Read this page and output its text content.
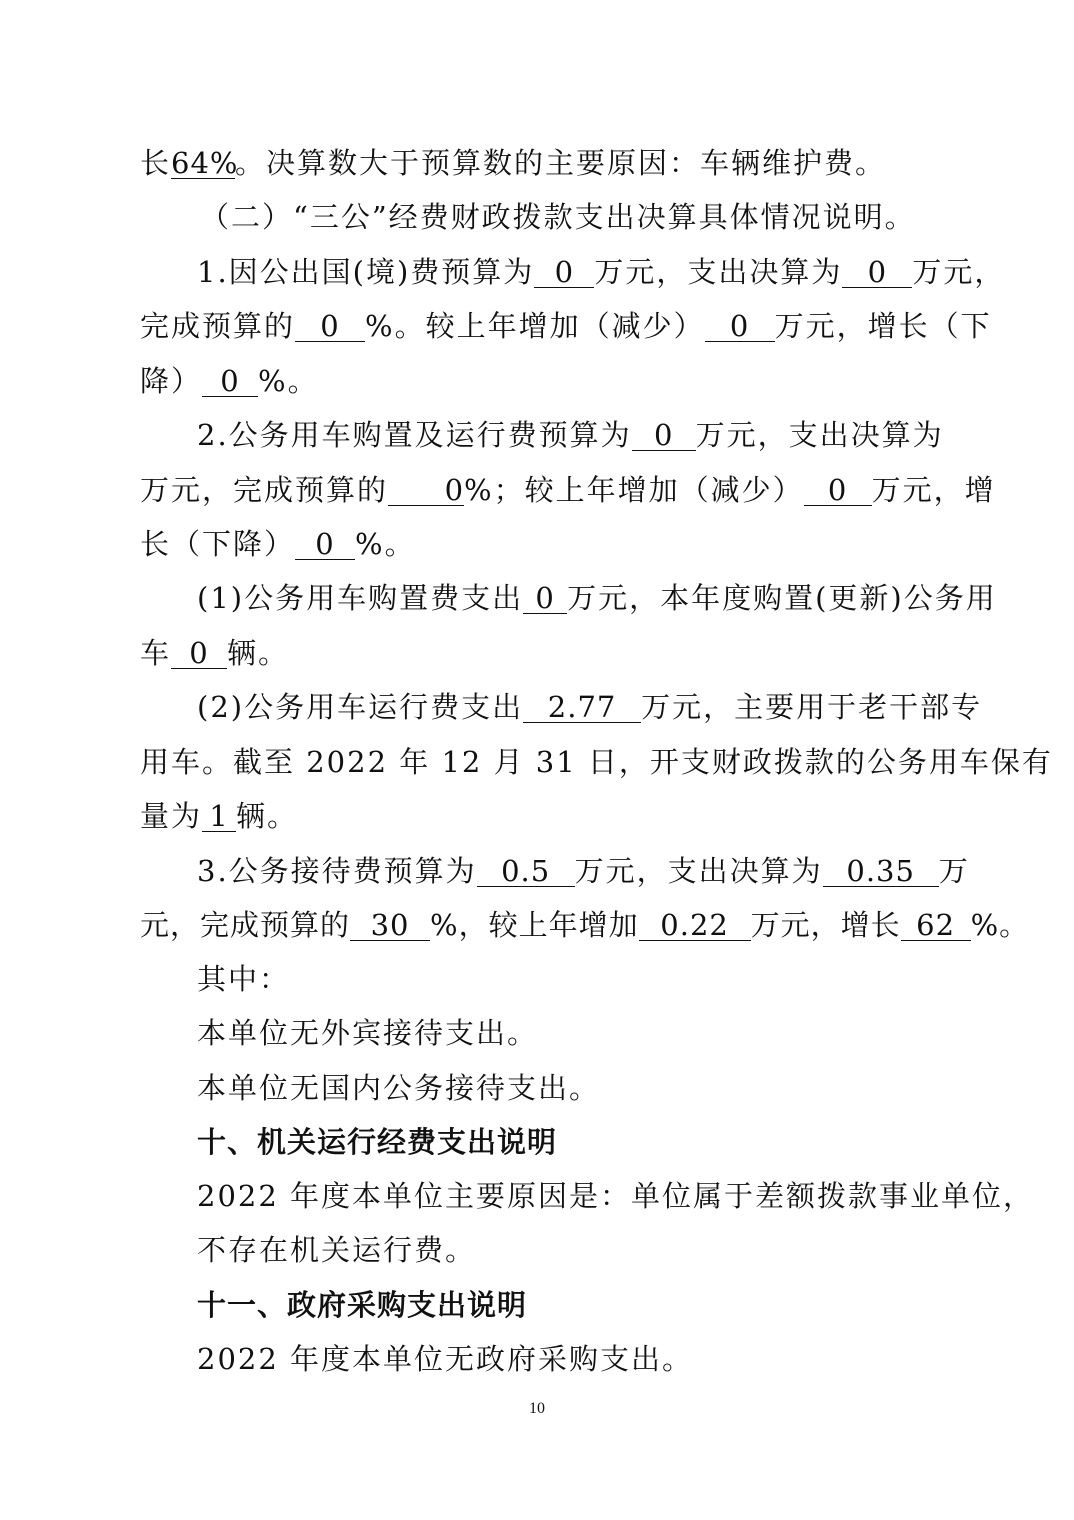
长64%。决算数大于预算数的主要原因：车辆维护费。
（二）“三公”经费财政拨款支出决算具体情况说明。
1.因公出国(境)费预算为 0 万元，支出决算为 0 万元，
完成预算的 0 %。较上年增加（减少） 0 万元，增长（下
降） 0 %。
2.公务用车购置及运行费预算为 0 万元，支出决算为
万元，完成预算的 0%；较上年增加（减少） 0 万元，增
长（下降） 0 %。
(1)公务用车购置费支出 0 万元，本年度购置(更新)公务用
车 0 辆。
(2)公务用车运行费支出 2.77 万元，主要用于老干部专
用车。截至 2022 年 12 月 31 日，开支财政拨款的公务用车保有
量为 1 辆。
3.公务接待费预算为 0.5 万元，支出决算为 0.35 万
元，完成预算的 30 %，较上年增加 0.22 万元，增长 62 %。
其中：
本单位无外宾接待支出。
本单位无国内公务接待支出。
十、机关运行经费支出说明
2022 年度本单位主要原因是：单位属于差额拨款事业单位，
不存在机关运行费。
十一、政府采购支出说明
2022 年度本单位无政府采购支出。
10
